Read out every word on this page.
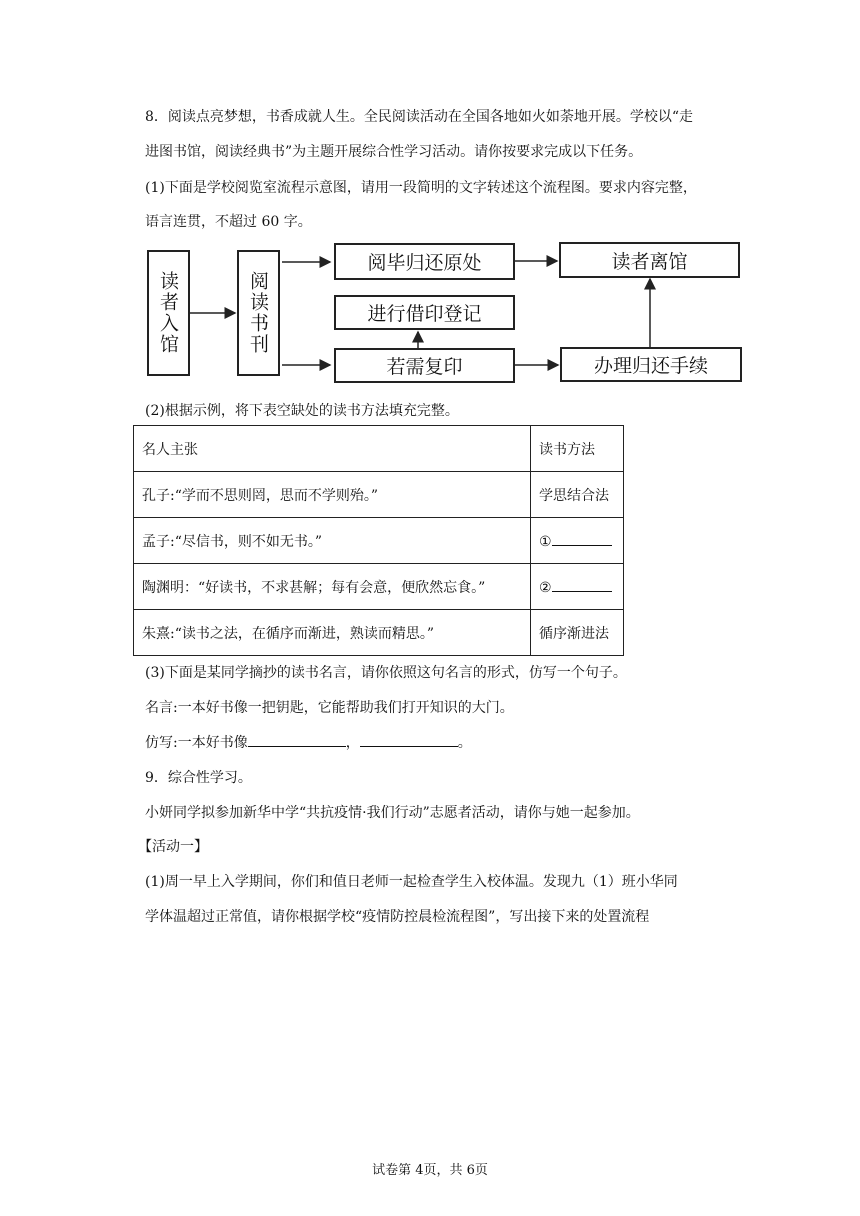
8．阅读点亮梦想，书香成就人生。全民阅读活动在全国各地如火如荼地开展。学校以“走
进图书馆，阅读经典书”为主题开展综合性学习活动。请你按要求完成以下任务。
(1)下面是学校阅览室流程示意图，请用一段简明的文字转述这个流程图。要求内容完整，
语言连贯，不超过 60 字。
读者入馆	阅读书刊
阅毕归还原处	读者离馆
进行借印登记
若需复印	办理归还手续
(2)根据示例，将下表空缺处的读书方法填充完整。
名人主张	读书方法
孔子:“学而不思则罔，思而不学则殆。”	学思结合法
孟子:“尽信书，则不如无书。”	①
陶渊明：“好读书，不求甚解；每有会意，便欣然忘食。”	②
朱熹:“读书之法，在循序而渐进，熟读而精思。”	循序渐进法
(3)下面是某同学摘抄的读书名言，请你依照这句名言的形式，仿写一个句子。
名言:一本好书像一把钥匙，它能帮助我们打开知识的大门。
仿写:一本好书像	，	。
9．综合性学习。
小妍同学拟参加新华中学“共抗疫情·我们行动”志愿者活动，请你与她一起参加。
【活动一】
(1)周一早上入学期间，你们和值日老师一起检查学生入校体温。发现九（1）班小华同
学体温超过正常值，请你根据学校“疫情防控晨检流程图”，写出接下来的处置流程
试卷第 4页，共 6页
